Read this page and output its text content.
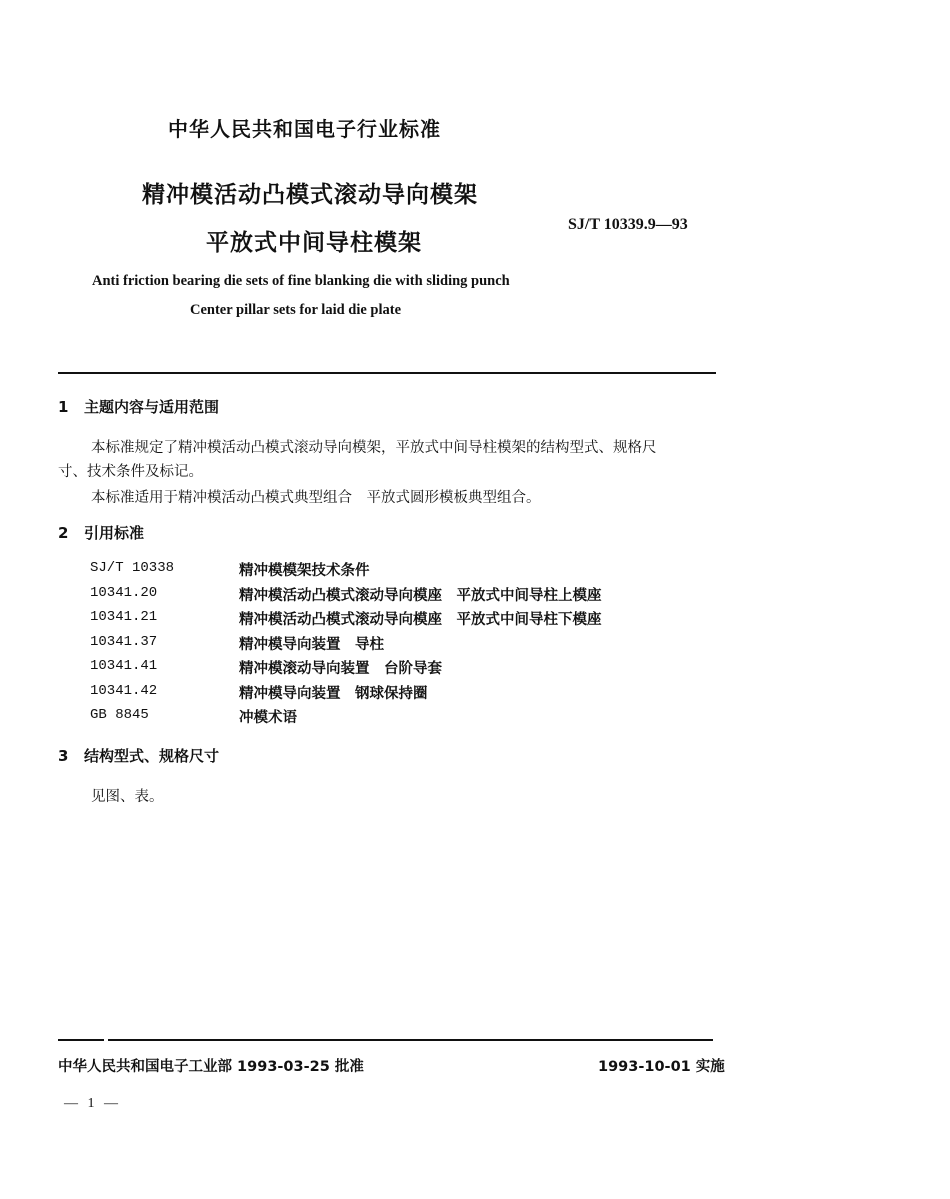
中华人民共和国电子行业标准
精冲模活动凸模式滚动导向模架
平放式中间导柱模架
SJ/T 10339.9—93
Anti friction bearing die sets of fine blanking die with sliding punch
Center pillar sets for laid die plate
1 主题内容与适用范围
本标准规定了精冲模活动凸模式滚动导向模架，平放式中间导柱模架的结构型式、规格尺
寸、技术条件及标记。
本标准适用于精冲模活动凸模式典型组合　平放式圆形模板典型组合。
2 引用标准
SJ/T 10338	精冲模模架技术条件
10341.20	精冲模活动凸模式滚动导向模座　平放式中间导柱上模座
10341.21	精冲模活动凸模式滚动导向模座　平放式中间导柱下模座
10341.37	精冲模导向装置　导柱
10341.41	精冲模滚动导向装置　台阶导套
10341.42	精冲模导向装置　钢球保持圈
GB 8845	冲模术语
3 结构型式、规格尺寸
见图、表。
中华人民共和国电子工业部 1993-03-25 批准	1993-10-01 实施
— 1 —
